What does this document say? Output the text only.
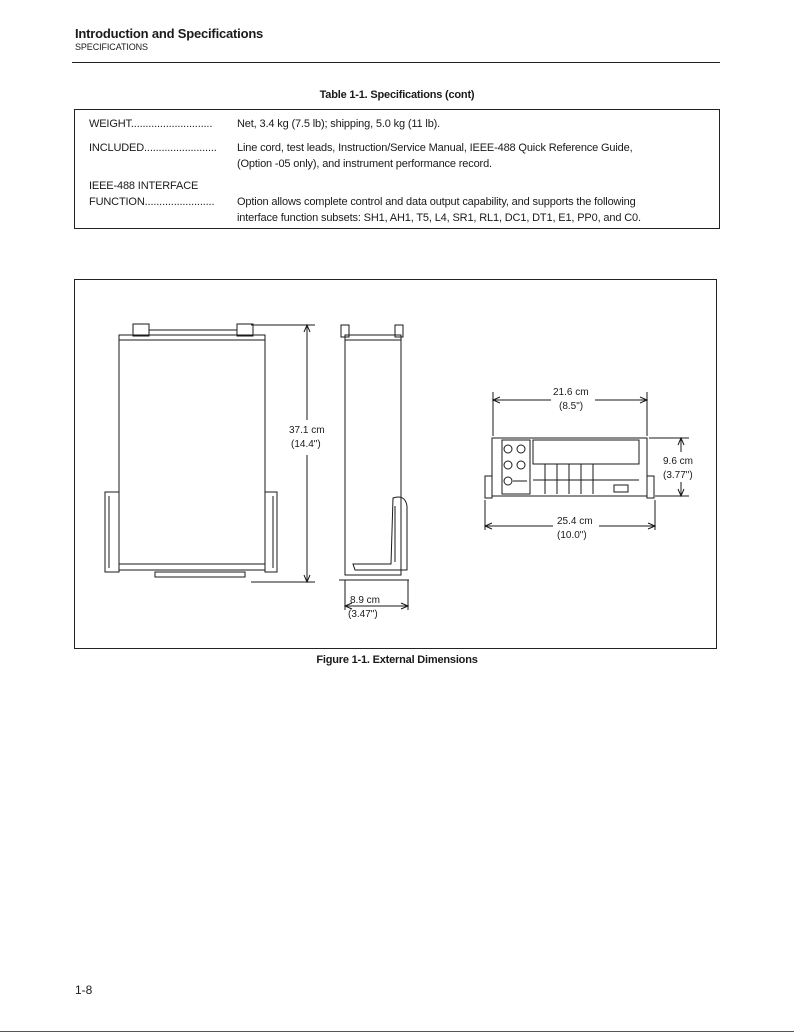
Introduction and Specifications
SPECIFICATIONS
Table 1-1. Specifications (cont)
WEIGHT............................ Net, 3.4 kg (7.5 lb); shipping, 5.0 kg (11 lb).
INCLUDED......................... Line cord, test leads, Instruction/Service Manual, IEEE-488 Quick Reference Guide,
(Option -05 only), and instrument performance record.
IEEE-488 INTERFACE
FUNCTION........................
Option allows complete control and data output capability, and supports the following
interface function subsets: SH1, AH1, T5, L4, SR1, RL1, DC1, DT1, E1, PP0, and C0.
37.1 cm
(14.4")
8.9 cm
(3.47")
21.6 cm
(8.5")
9.6 cm
(3.77")
25.4 cm
(10.0")
Figure 1-1. External Dimensions
1-8
